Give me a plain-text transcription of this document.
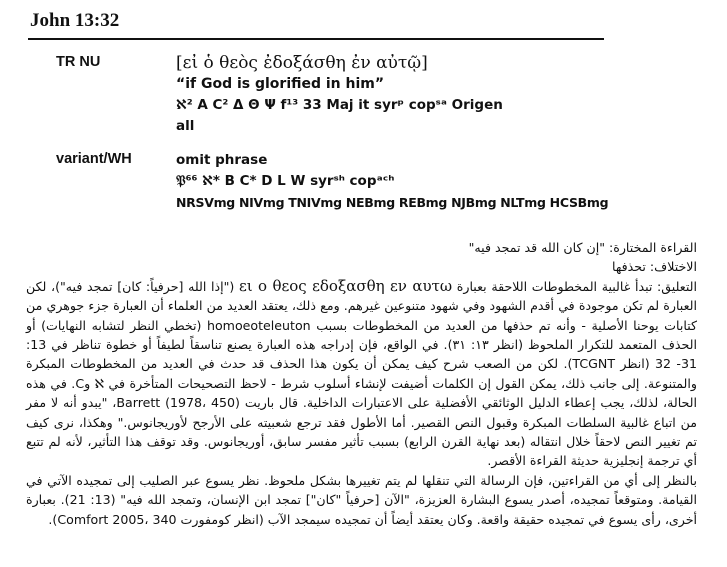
John 13:32
TR NU	[εἰ ὁ θεὸς ἐδοξάσθη ἐν αὐτῷ]

“if God is glorified in him”

ℵ² A C² Δ Θ Ψ f¹³ 33 Maj it syrᵖ copˢᵃ Origen

all

variant/WH	omit phrase

𝔓⁶⁶ ℵ* B C* D L W syrˢʰ copᵃᶜʰ

NRSVmg NIVmg TNIVmg NEBmg REBmg NJBmg NLTmg HCSBmg

القراءة المختارة: "إن كان الله قد تمجد فيه"

الاختلاف: تحذفها

التعليق: تبدأ غالبية المخطوطات اللاحقة بعبارة ει ο θεος εδοξασθη εν αυτω ("إذا الله [حرفياً: كان] تمجد فيه")، لكن العبارة لم تكن موجودة في أقدم الشهود وفي شهود متنوعين غيرهم. ومع ذلك، يعتقد العديد من العلماء أن العبارة جزء جوهري من كتابات يوحنا الأصلية - وأنه تم حذفها من العديد من المخطوطات بسبب homoeoteleuton (تخطي النظر لتشابه النهايات) أو الحذف المتعمد للتكرار الملحوظ (انظر ١٣: ٣١). في الواقع، فإن إدراجه هذه العبارة يصنع تناسقاً لطيفاً أو خطوة تناظر في 13: 31- 32 (انظر TCGNT). لكن من الصعب شرح كيف يمكن أن يكون هذا الحذف قد حدث في العديد من المخطوطات المبكرة والمتنوعة. إلى جانب ذلك، يمكن القول إن الكلمات أضيفت لإنشاء أسلوب شرط - لاحظ التصحيحات المتأخرة في ℵ وC. في هذه الحالة، لذلك، يجب إعطاء الدليل الوثائقي الأفضلية على الاعتبارات الداخلية. قال باريت Barrett (1978، 450)، "يبدو أنه لا مفر من اتباع غالبية السلطات المبكرة وقبول النص القصير. أما الأطول فقد ترجع شعبيته على الأرجح لأوريجانوس." وهكذا، نرى كيف تم تغيير النص لاحقاً خلال انتقاله (بعد نهاية القرن الرابع) بسبب تأثير مفسر سابق، أوريجانوس. وقد توقف هذا التأثير، لأنه لم تتبع أي ترجمة إنجليزية حديثة القراءة الأقصر.

بالنظر إلى أي من القراءتين، فإن الرسالة التي تنقلها لم يتم تغييرها بشكل ملحوظ. نظر يسوع عبر الصليب إلى تمجيده الآتي في القيامة. ومتوقعاً تمجيده، أصدر يسوع البشارة العزيزة، "الآن [حرفياً "كان"] تمجد ابن الإنسان، وتمجد الله فيه" (13: 21). بعبارة أخرى، رأى يسوع في تمجيده حقيقة واقعة. وكان يعتقد أيضاً أن تمجيده سيمجد الآب (انظر كومفورت Comfort 2005، 340).
